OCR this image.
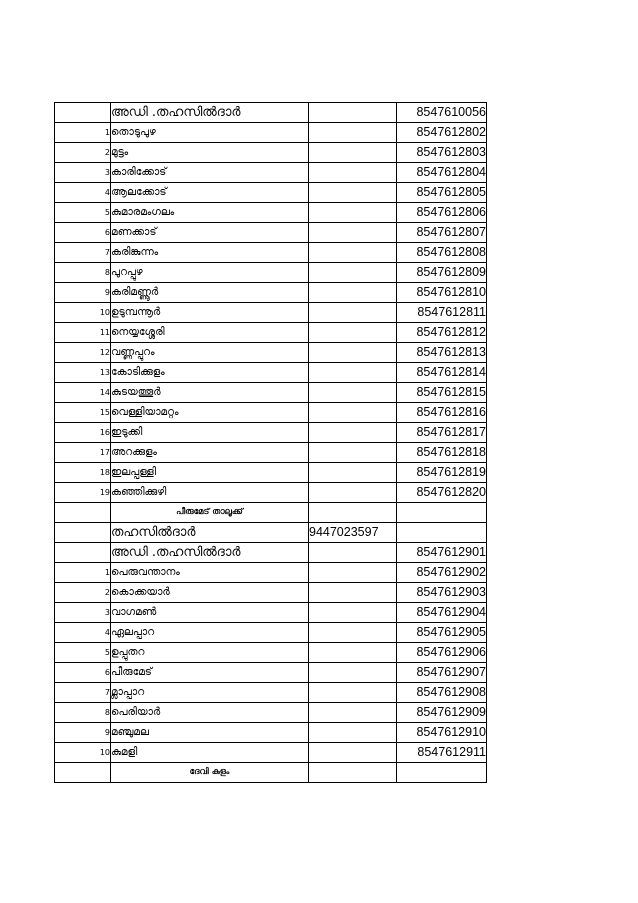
	അഡി .തഹസിൽദാർ		8547610056
1	തൊടുപുഴ		8547612802
2	മുട്ടം		8547612803
3	കാരിക്കോട്		8547612804
4	ആലക്കോട്		8547612805
5	കുമാരമംഗലം		8547612806
6	മണക്കാട്		8547612807
7	കരിങ്കുന്നം		8547612808
8	പുറപ്പുഴ		8547612809
9	കരിമണ്ണൂർ		8547612810
10	ഉടുമ്പന്നൂർ		8547612811
11	നെയ്യശ്ശേരി		8547612812
12	വണ്ണപ്പുറം		8547612813
13	കോടിക്കുളം		8547612814
14	കുടയത്തൂർ		8547612815
15	വെള്ളിയാമറ്റം		8547612816
16	ഇടുക്കി		8547612817
17	അറക്കുളം		8547612818
18	ഇലപ്പള്ളി		8547612819
19	കഞ്ഞിക്കുഴി		8547612820
	പീരുമേട് താലൂക്ക്		
	തഹസിൽദാർ	9447023597	
	അഡി .തഹസിൽദാർ		8547612901
1	പെരുവന്താനം		8547612902
2	കൊക്കയാർ		8547612903
3	വാഗമൺ		8547612904
4	ഏലപ്പാറ		8547612905
5	ഉപ്പുതറ		8547612906
6	പീരുമേട്		8547612907
7	മ്ലാപ്പാറ		8547612908
8	പെരിയാർ		8547612909
9	മഞ്ചുമല		8547612910
10	കുമളി		8547612911
	ദേവി കുളം		
